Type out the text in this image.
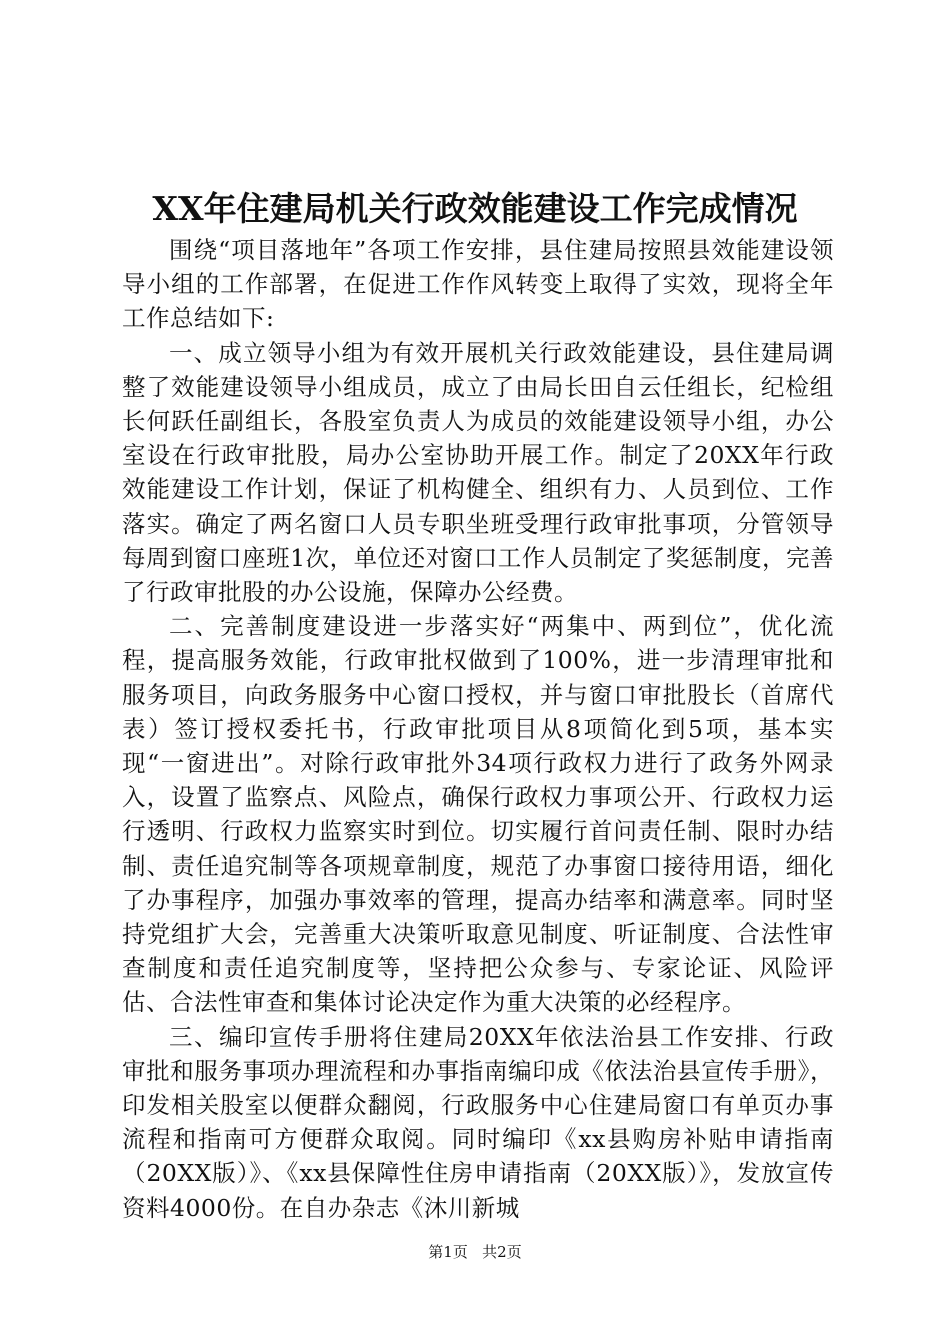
XX年住建局机关行政效能建设工作完成情况

围绕“项目落地年”各项工作安排，县住建局按照县效能建设领导小组的工作部署，在促进工作作风转变上取得了实效，现将全年工作总结如下:

一、成立领导小组为有效开展机关行政效能建设，县住建局调整了效能建设领导小组成员，成立了由局长田自云任组长，纪检组长何跃任副组长，各股室负责人为成员的效能建设领导小组，办公室设在行政审批股，局办公室协助开展工作。制定了20XX年行政效能建设工作计划，保证了机构健全、组织有力、人员到位、工作落实。确定了两名窗口人员专职坐班受理行政审批事项，分管领导每周到窗口座班1次，单位还对窗口工作人员制定了奖惩制度，完善了行政审批股的办公设施，保障办公经费。

二、完善制度建设进一步落实好“两集中、两到位”，优化流程，提高服务效能，行政审批权做到了100%，进一步清理审批和服务项目，向政务服务中心窗口授权，并与窗口审批股长（首席代表）签订授权委托书，行政审批项目从8项简化到5项，基本实现“一窗进出”。对除行政审批外34项行政权力进行了政务外网录入，设置了监察点、风险点，确保行政权力事项公开、行政权力运行透明、行政权力监察实时到位。切实履行首问责任制、限时办结制、责任追究制等各项规章制度，规范了办事窗口接待用语，细化了办事程序，加强办事效率的管理，提高办结率和满意率。同时坚持党组扩大会，完善重大决策听取意见制度、听证制度、合法性审查制度和责任追究制度等，坚持把公众参与、专家论证、风险评估、合法性审查和集体讨论决定作为重大决策的必经程序。

三、编印宣传手册将住建局20XX年依法治县工作安排、行政审批和服务事项办理流程和办事指南编印成《依法治县宣传手册》，印发相关股室以便群众翻阅，行政服务中心住建局窗口有单页办事流程和指南可方便群众取阅。同时编印《xx县购房补贴申请指南（20XX版）》、《xx县保障性住房申请指南（20XX版）》，发放宣传资料4000份。在自办杂志《沐川新城

第1页 共2页
